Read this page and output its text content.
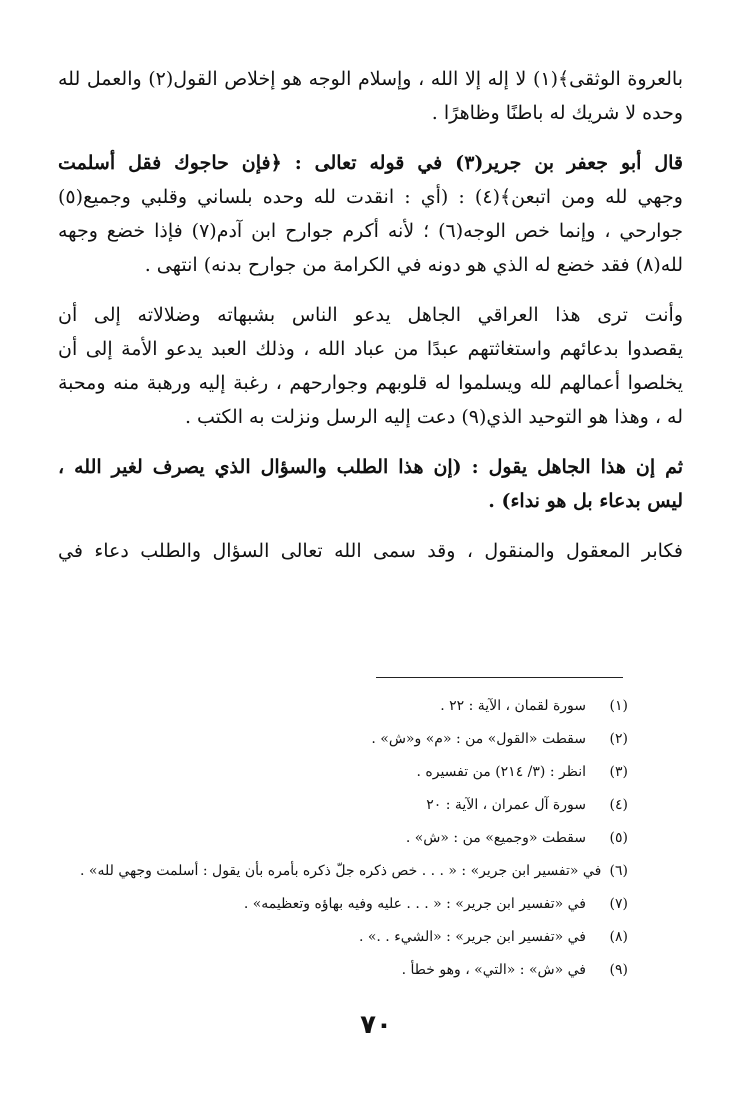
بالعروة الوثقى﴾(١) لا إله إلا الله ، وإسلام الوجه هو إخلاص القول(٢) والعمل لله
وحده لا شريك له باطنًا وظاهرًا .
قال أبو جعفر بن جرير(٣) في قوله تعالى : ﴿فإن حاجوك فقل أسلمت
وجهي لله ومن اتبعن﴾(٤) : (أي : انقدت لله وحده بلساني وقلبي وجميع(٥)
جوارحي ، وإنما خص الوجه(٦) ؛ لأنه أكرم جوارح ابن آدم(٧) فإذا خضع وجهه
لله(٨) فقد خضع له الذي هو دونه في الكرامة من جوارح بدنه) انتهى .
وأنت ترى هذا العراقي الجاهل يدعو الناس بشبهاته وضلالاته إلى أن
يقصدوا بدعائهم واستغاثتهم عبدًا من عباد الله ، وذلك العبد يدعو الأمة إلى أن
يخلصوا أعمالهم لله ويسلموا له قلوبهم وجوارحهم ، رغبة إليه ورهبة منه ومحبة
له ، وهذا هو التوحيد الذي(٩) دعت إليه الرسل ونزلت به الكتب .
ثم إن هذا الجاهل يقول : (إن هذا الطلب والسؤال الذي يصرف لغير الله ،
ليس بدعاء بل هو نداء) .
فكابر المعقول والمنقول ، وقد سمى الله تعالى السؤال والطلب دعاء في
(١)
سورة لقمان ، الآية : ٢٢ .
(٢)
سقطت «القول» من : «م» و«ش» .
(٣)
انظر : (٣/ ٢١٤) من تفسيره .
(٤)
سورة آل عمران ، الآية : ٢٠
(٥)
سقطت «وجميع» من : «ش» .
(٦)
في «تفسير ابن جرير» : « . . . خص ذكره جلّ ذكره بأمره بأن يقول : أسلمت وجهي لله» .
(٧)
في «تفسير ابن جرير» : « . . . عليه وفيه بهاؤه وتعظيمه» .
(٨)
في «تفسير ابن جرير» : «الشيء . .» .
(٩)
في «ش» : «التي» ، وهو خطأ .
٧٠
